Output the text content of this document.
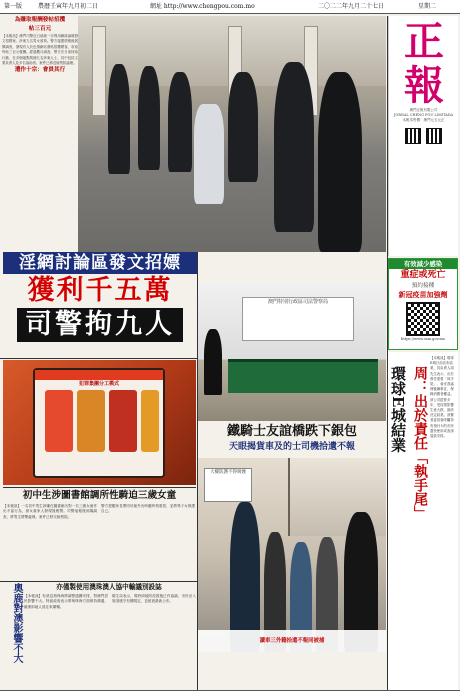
第一版	農曆壬寅年九月初二日	網址 http://www.chengpou.com.mo	二〇二二年九月二十七日	星期二
為賺取報酬發帖招攬
帖三百元
【本報訊】澳門司警近日偵破一宗利用網絡論壇發文招嫖案，涉案九名男女被拘。警方接獲情報後展開調查，發現有人於色情網站發帖招攬嫖客，收取每帖三百元報酬。經過數月調查，警方於日前採取行動，在多個地點拘捕九名涉案人士，其中包括主要負責人及多名協助者。案件已移送檢察院處理。
遭作十宗：會員其行
正報
澳門正報有限公司
JORNAL CHENG POU LIMITADA
本報零售價：澳門元五元正

有效減少感染
重症或死亡
預約接種
新冠疫苗加強劑
https://www.ssm.gov.mo
淫網討論區發文招嫖
獲利千五萬
司警拘九人
澳門特別行政區司法警察局
犯罪集團分工模式
鐵騎士友誼橋跌下銀包
天眼揭貨車及的士司機拾遺不報
大樓防護不得吸煙
讀車三外籍拾遺不報同被捕
環球E城結業 周：出於責任「執手尾」
【本報訊】環球E城日前宣布結業，其負責人周先生表示，出於責任需要「執手尾」，會妥善處理後續事宜，保障消費者權益。該公司經營多年，受疫情影響生意大跌，最終決定結業。消費者委員會呼籲持有預付卡的市民盡快使用或查詢退款安排。
初中生涉圖書館調所性騎迫三歲女童
【本報訊】一名初中男生涉嫌在圖書館內對一名三歲女童作出不當行為，被女童家人發現後報警。司警接報後到場調查，將男生帶署處理。案件已移交檢察院。
警方提醒家長帶同幼童外出時應時刻看管，並教導子女保護自己。
亦僅製使用澳珠澳人協中輸議別設誌
奧鹿對澳影響不大 【本報訊】有消息指珠海將調整通關安排，對澳門居民影響不大。特區政府表示將與珠海方面保持溝通，確保兩地人員往來順暢。
衛生局表示，現時兩地防疫措施已作協調，市民出入境須遵守有關規定，並留意最新公布。
